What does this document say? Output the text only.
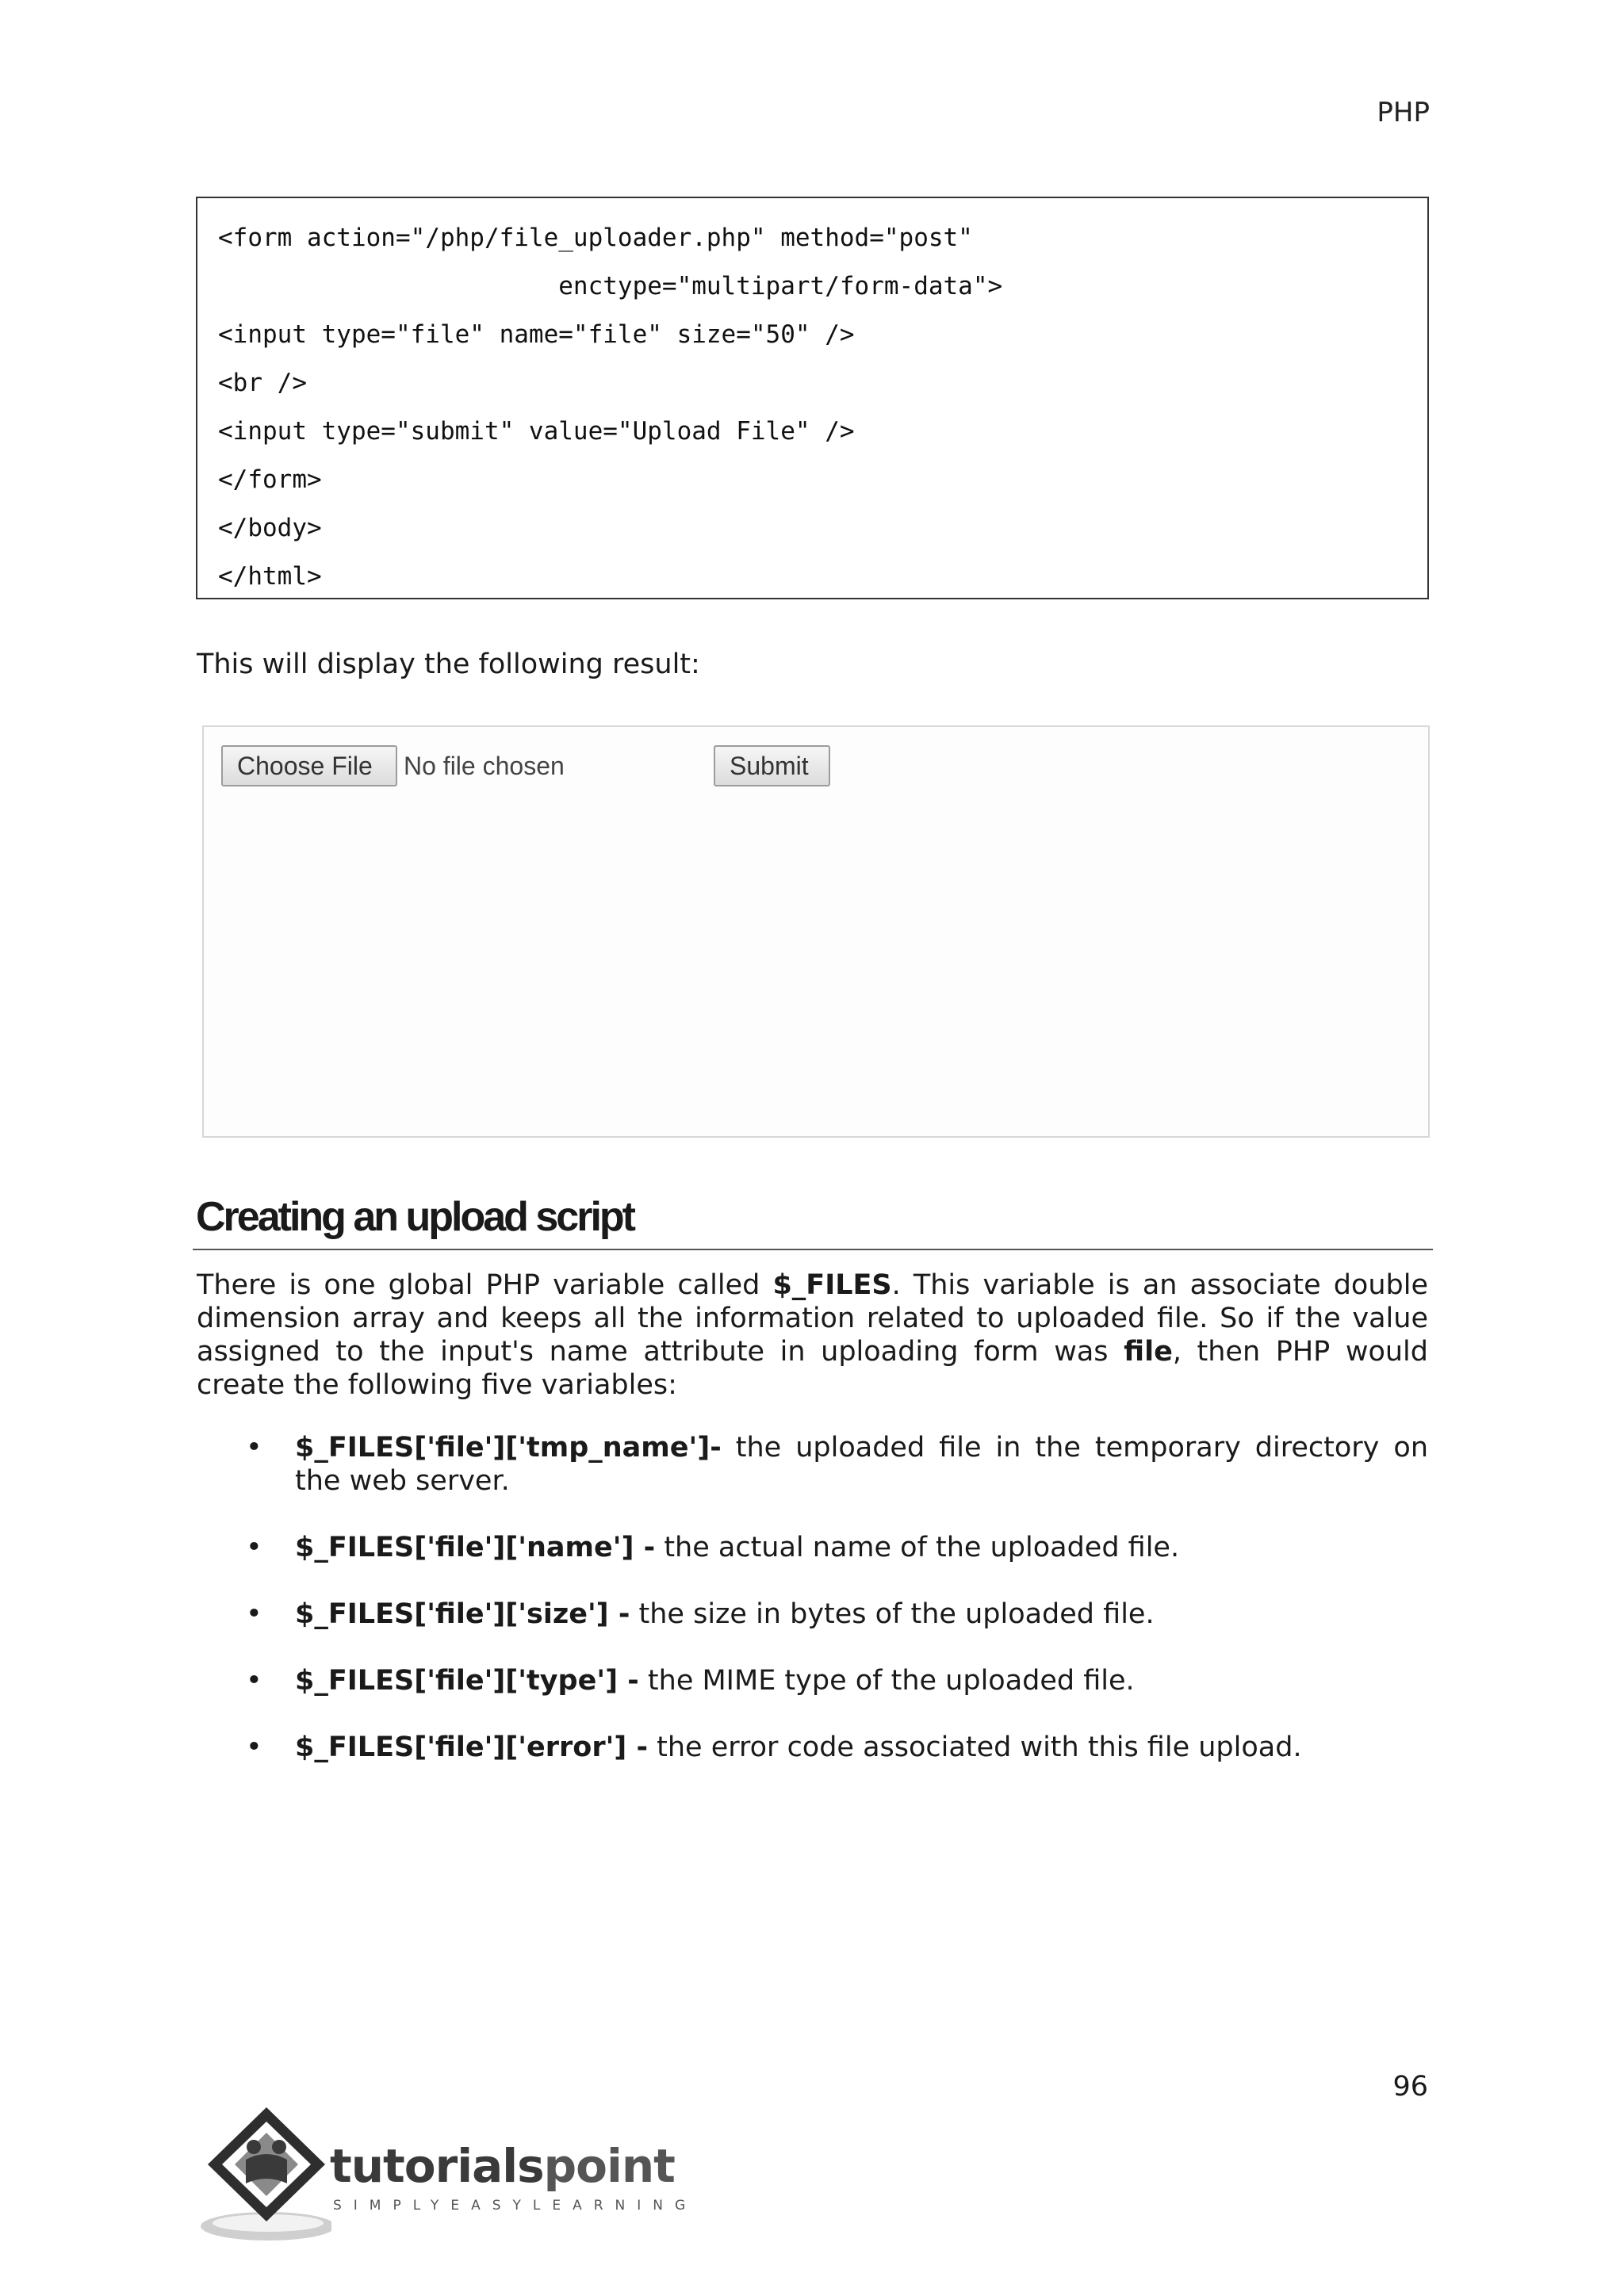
PHP
<form action="/php/file_uploader.php" method="post"
enctype="multipart/form-data">
<input type="file" name="file" size="50" />
<br />
<input type="submit" value="Upload File" />
</form>
</body>
</html>
This will display the following result:
Choose File	No file chosen	Submit
Creating an upload script

There is one global PHP variable called $_FILES. This variable is an associate double dimension array and keeps all the information related to uploaded file. So if the value assigned to the input's name attribute in uploading form was file, then PHP would create the following five variables:

• $_FILES['file']['tmp_name']- the uploaded file in the temporary directory on the web server.
• $_FILES['file']['name'] - the actual name of the uploaded file.
• $_FILES['file']['size'] - the size in bytes of the uploaded file.
• $_FILES['file']['type'] - the MIME type of the uploaded file.
• $_FILES['file']['error'] - the error code associated with this file upload.
96
tutorialspoint
SIMPLYEASYLEARNING
